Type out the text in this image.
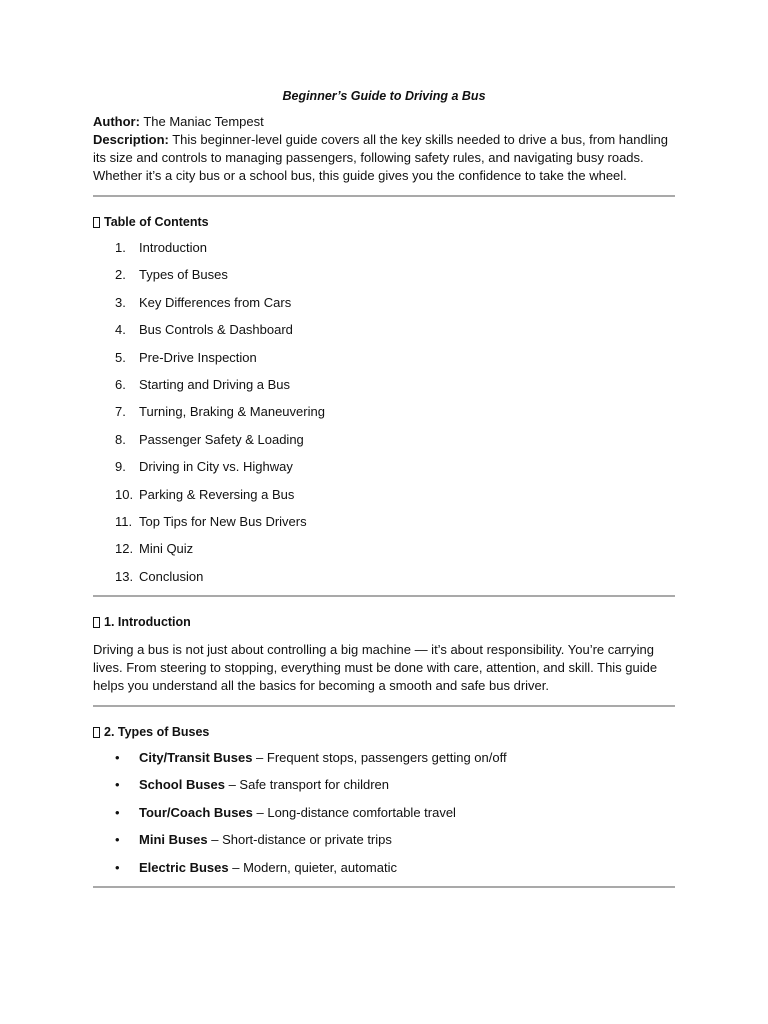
Beginner’s Guide to Driving a Bus

Author: The Maniac Tempest

Description: This beginner-level guide covers all the key skills needed to drive a bus, from handling its size and controls to managing passengers, following safety rules, and navigating busy roads. Whether it’s a city bus or a school bus, this guide gives you the confidence to take the wheel.

Table of Contents
1.	Introduction
2.	Types of Buses
3.	Key Differences from Cars
4.	Bus Controls & Dashboard
5.	Pre-Drive Inspection
6.	Starting and Driving a Bus
7.	Turning, Braking & Maneuvering
8.	Passenger Safety & Loading
9.	Driving in City vs. Highway
10. Parking & Reversing a Bus
11. Top Tips for New Bus Drivers
12. Mini Quiz
13. Conclusion
1. Introduction

Driving a bus is not just about controlling a big machine — it’s about responsibility. You’re carrying lives. From steering to stopping, everything must be done with care, attention, and skill. This guide helps you understand all the basics for becoming a smooth and safe bus driver.

2. Types of Buses
•	City/Transit Buses – Frequent stops, passengers getting on/off
•	School Buses – Safe transport for children
•	Tour/Coach Buses – Long-distance comfortable travel
•	Mini Buses – Short-distance or private trips
•	Electric Buses – Modern, quieter, automatic
